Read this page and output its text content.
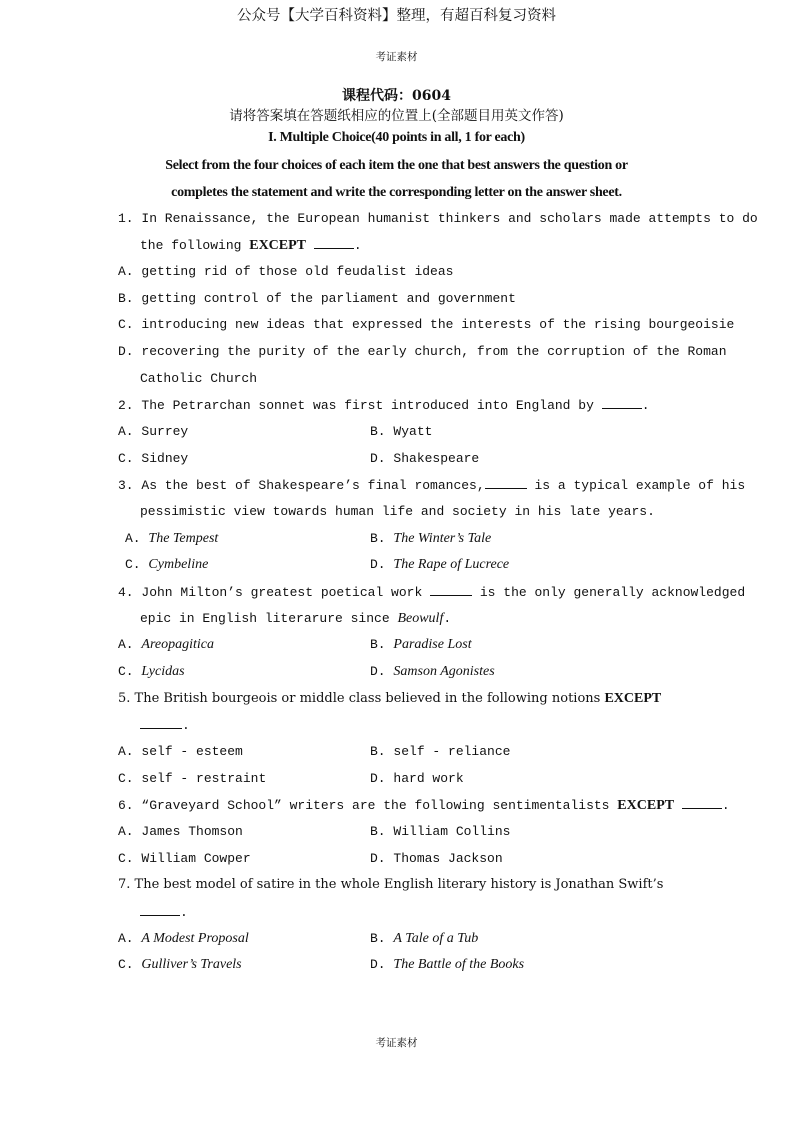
公众号【大学百科资料】整理，有超百科复习资料
考证素材
课程代码：0604
请将答案填在答题纸相应的位置上(全部题目用英文作答)
I. Multiple Choice(40 points in all, 1 for each)
Select from the four choices of each item the one that best answers the question or
completes the statement and write the corresponding letter on the answer sheet.
1. In Renaissance, the European humanist thinkers and scholars made attempts to do
the following EXCEPT	.
A. getting rid of those old feudalist ideas
B. getting control of the parliament and government
C. introducing new ideas that expressed the interests of the rising bourgeoisie
D. recovering the purity of the early church, from the corruption of the Roman
Catholic Church
2. The Petrarchan sonnet was first introduced into England by	.
A. Surrey	B. Wyatt
C. Sidney	D. Shakespeare
3. As the best of Shakespeare’s final romances,	is a typical example of his
pessimistic view towards human life and society in his late years.
A. The Tempest	B. The Winter’s Tale
C. Cymbeline	D. The Rape of Lucrece
4. John Milton’s greatest poetical work	is the only generally acknowledged
epic in English literarure since Beowulf.
A. Areopagitica	B. Paradise Lost
C. Lycidas	D. Samson Agonistes
5. The British bourgeois or middle class believed in the following notions EXCEPT
.
A. self - esteem	B. self - reliance
C. self - restraint	D. hard work
6. “Graveyard School” writers are the following sentimentalists EXCEPT	.
A. James Thomson	B. William Collins
C. William Cowper	D. Thomas Jackson
7. The best model of satire in the whole English literary history is Jonathan Swift’s
.
A. A Modest Proposal	B. A Tale of a Tub
C. Gulliver’s Travels	D. The Battle of the Books
考证素材
